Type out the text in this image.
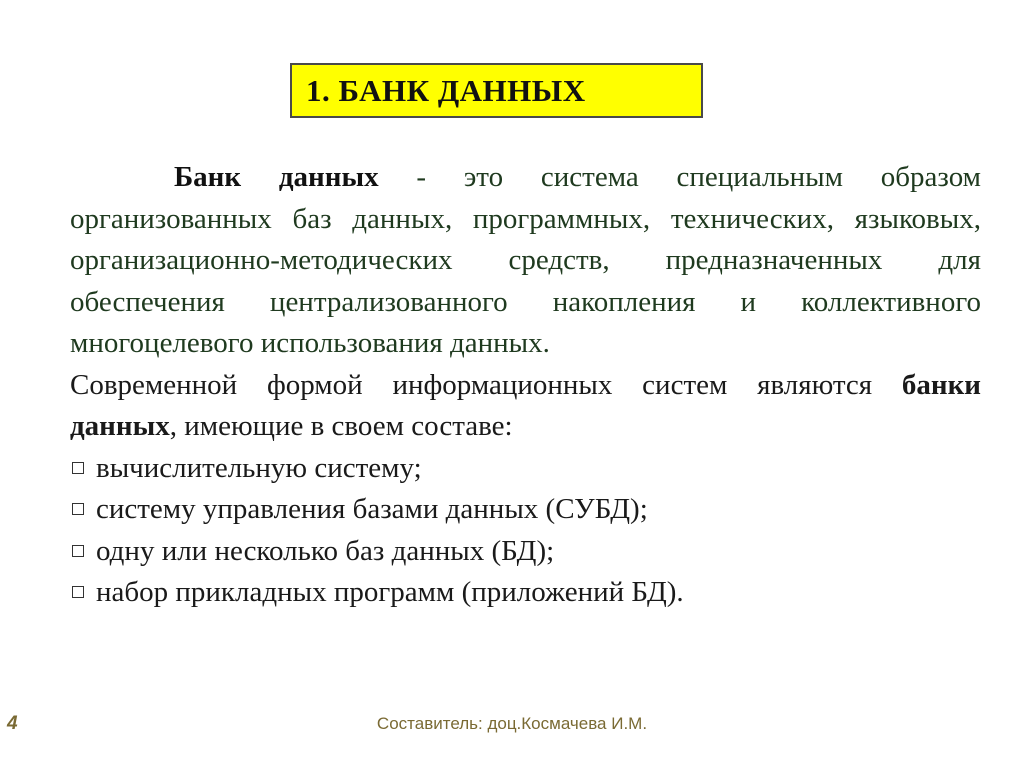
1. БАНК ДАННЫХ

Банк данных - это система специальным образом организованных баз данных, программных, технических, языковых, организационно-методических средств, предназначенных для обеспечения централизованного накопления и коллективного многоцелевого использования данных.

Современной формой информационных систем являются банки данных, имеющие в своем составе:

вычислительную систему;
систему управления базами данных (СУБД);
одну или несколько баз данных (БД);
набор прикладных программ (приложений БД).
4	Составитель: доц.Космачева И.М.
